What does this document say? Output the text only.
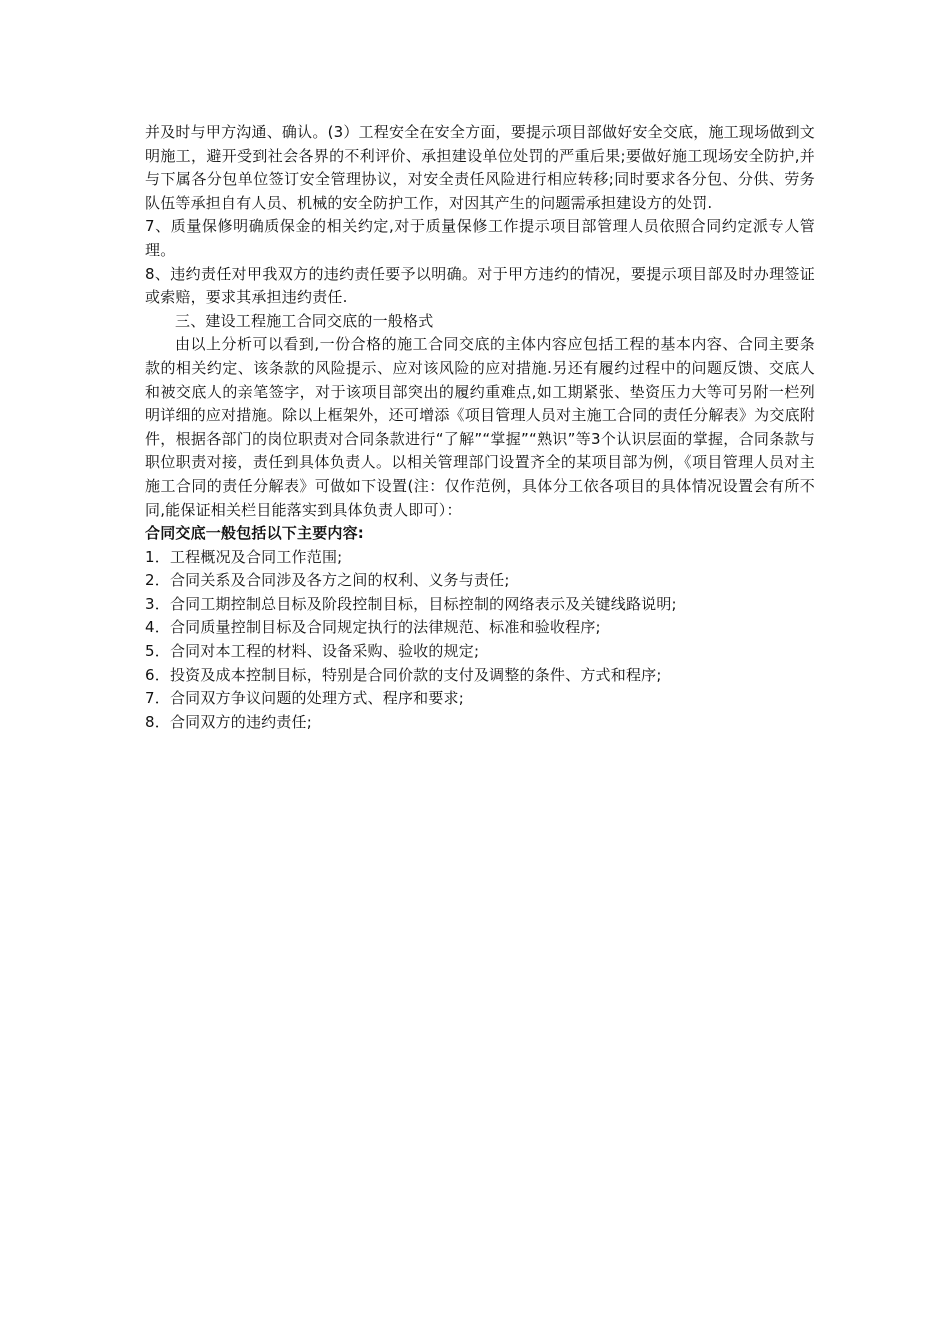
并及时与甲方沟通、确认。(3）工程安全在安全方面，要提示项目部做好安全交底，施工现场做到文明施工，避开受到社会各界的不利评价、承担建设单位处罚的严重后果;要做好施工现场安全防护,并与下属各分包单位签订安全管理协议，对安全责任风险进行相应转移;同时要求各分包、分供、劳务队伍等承担自有人员、机械的安全防护工作，对因其产生的问题需承担建设方的处罚.

7、质量保修明确质保金的相关约定,对于质量保修工作提示项目部管理人员依照合同约定派专人管理。

8、违约责任对甲我双方的违约责任要予以明确。对于甲方违约的情况，要提示项目部及时办理签证或索赔，要求其承担违约责任.

三、建设工程施工合同交底的一般格式

由以上分析可以看到,一份合格的施工合同交底的主体内容应包括工程的基本内容、合同主要条款的相关约定、该条款的风险提示、应对该风险的应对措施.另还有履约过程中的问题反馈、交底人和被交底人的亲笔签字，对于该项目部突出的履约重难点,如工期紧张、垫资压力大等可另附一栏列明详细的应对措施。除以上框架外，还可增添《项目管理人员对主施工合同的责任分解表》为交底附件，根据各部门的岗位职责对合同条款进行“了解”“掌握”“熟识”等3个认识层面的掌握，合同条款与职位职责对接，责任到具体负责人。以相关管理部门设置齐全的某项目部为例，《项目管理人员对主施工合同的责任分解表》可做如下设置(注：仅作范例，具体分工依各项目的具体情况设置会有所不同,能保证相关栏目能落实到具体负责人即可）：

合同交底一般包括以下主要内容:

1．工程概况及合同工作范围;
2．合同关系及合同涉及各方之间的权利、义务与责任;
3．合同工期控制总目标及阶段控制目标，目标控制的网络表示及关键线路说明;
4．合同质量控制目标及合同规定执行的法律规范、标准和验收程序;
5．合同对本工程的材料、设备采购、验收的规定;
6．投资及成本控制目标，特别是合同价款的支付及调整的条件、方式和程序;
7．合同双方争议问题的处理方式、程序和要求;
8．合同双方的违约责任;
